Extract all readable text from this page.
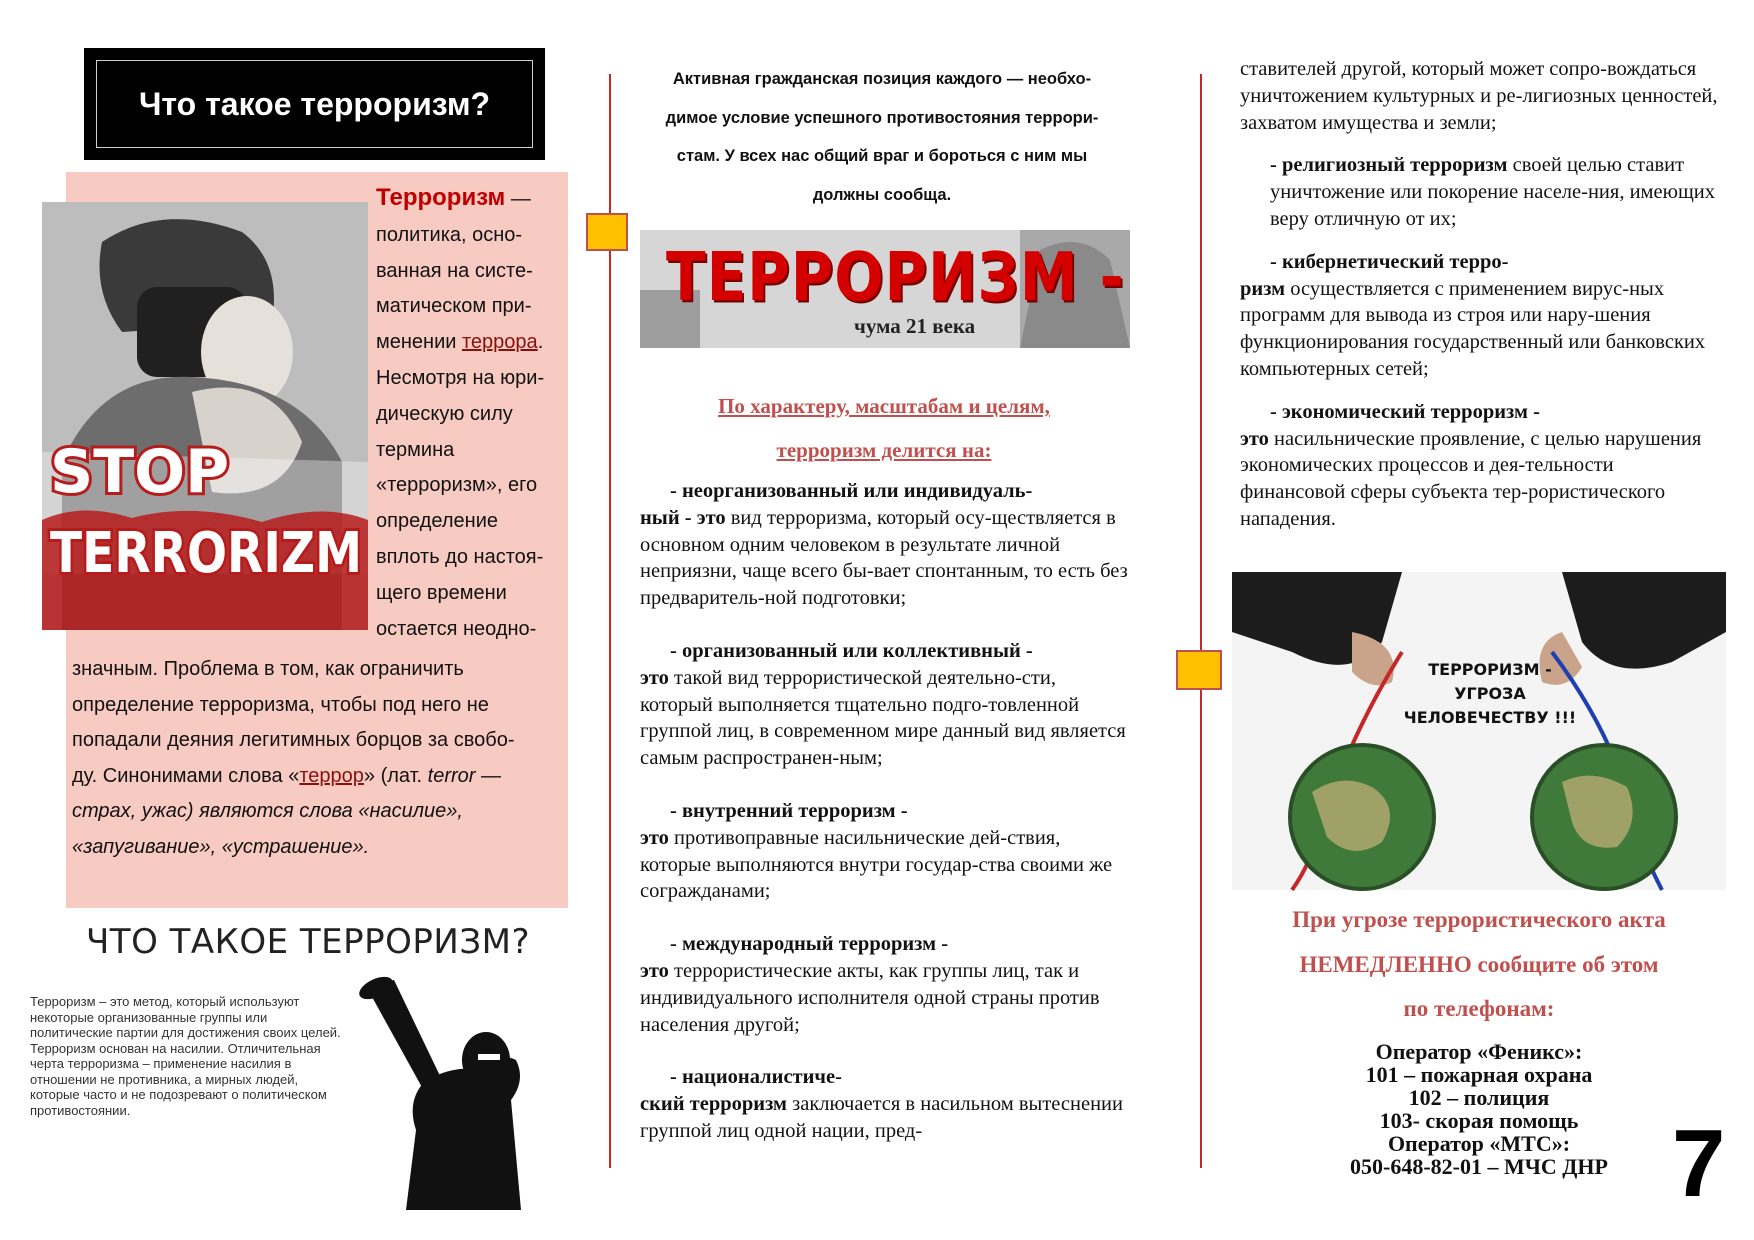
Что такое терроризм?
STOP
TERRORIZM
Терроризм —
политика, осно-
ванная на систе-
матическом при-
менении террора.
Несмотря на юри-
дическую силу
термина
«терроризм», его
определение
вплоть до настоя-
щего времени
остается неодно-
значным. Проблема в том, как ограничить
определение терроризма, чтобы под него не
попадали деяния легитимных борцов за свобо-
ду. Синонимами слова «террор» (лат. terror —
страх, ужас) являются слова «насилие»,
«запугивание», «устрашение».
ЧТО ТАКОЕ ТЕРРОРИЗМ?
Терроризм – это метод, который используют некоторые организованные группы или политические партии для достижения своих целей. Терроризм основан на насилии. Отличительная черта терроризма – применение насилия в отношении не противника, а мирных людей, которые часто и не подозревают о политическом противостоянии.
Активная гражданская позиция каждого — необхо-
димое условие успешного противостояния террори-
стам. У всех нас общий враг и бороться с ним мы
должны сообща.
ТЕРРОРИЗМ -
чума 21 века
По характеру, масштабам и целям,
терроризм делится на:

- неорганизованный или индивидуаль-
ный - это вид терроризма, который осу-ществляется в основном одним человеком в результате личной неприязни, чаще всего бы-вает спонтанным, то есть без предваритель-ной подготовки;

- организованный или коллективный -
это такой вид террористической деятельно-сти, который выполняется тщательно подго-товленной группой лиц, в современном мире данный вид является самым распространен-ным;

- внутренний терроризм -
это противоправные насильнические дей-ствия, которые выполняются внутри государ-ства своими же согражданами;

- международный терроризм -
это террористические акты, как группы лиц, так и индивидуального исполнителя одной страны против населения другой;

- националистиче-
ский терроризм заключается в насильном вытеснении группой лиц одной нации, пред-

ставителей другой, который может сопро-вождаться уничтожением культурных и ре-лигиозных ценностей, захватом имущества и земли;

- религиозный терроризм своей целью ставит уничтожение или покорение населе-ния, имеющих веру отличную от их;

- кибернетический терро-
ризм осуществляется с применением вирус-ных программ для вывода из строя или нару-шения функционирования государственный или банковских компьютерных сетей;

- экономический терроризм -
это насильнические проявление, с целью нарушения экономических процессов и дея-тельности финансовой сферы субъекта тер-рористического нападения.

ТЕРРОРИЗМ - УГРОЗА
ЧЕЛОВЕЧЕСТВУ !!!
При угрозе террористического акта
НЕМЕДЛЕННО сообщите об этом
по телефонам:
Оператор «Феникс»:
101 – пожарная охрана
102 – полиция
103- скорая помощь
Оператор «МТС»:
050-648-82-01 – МЧС ДНР 7
